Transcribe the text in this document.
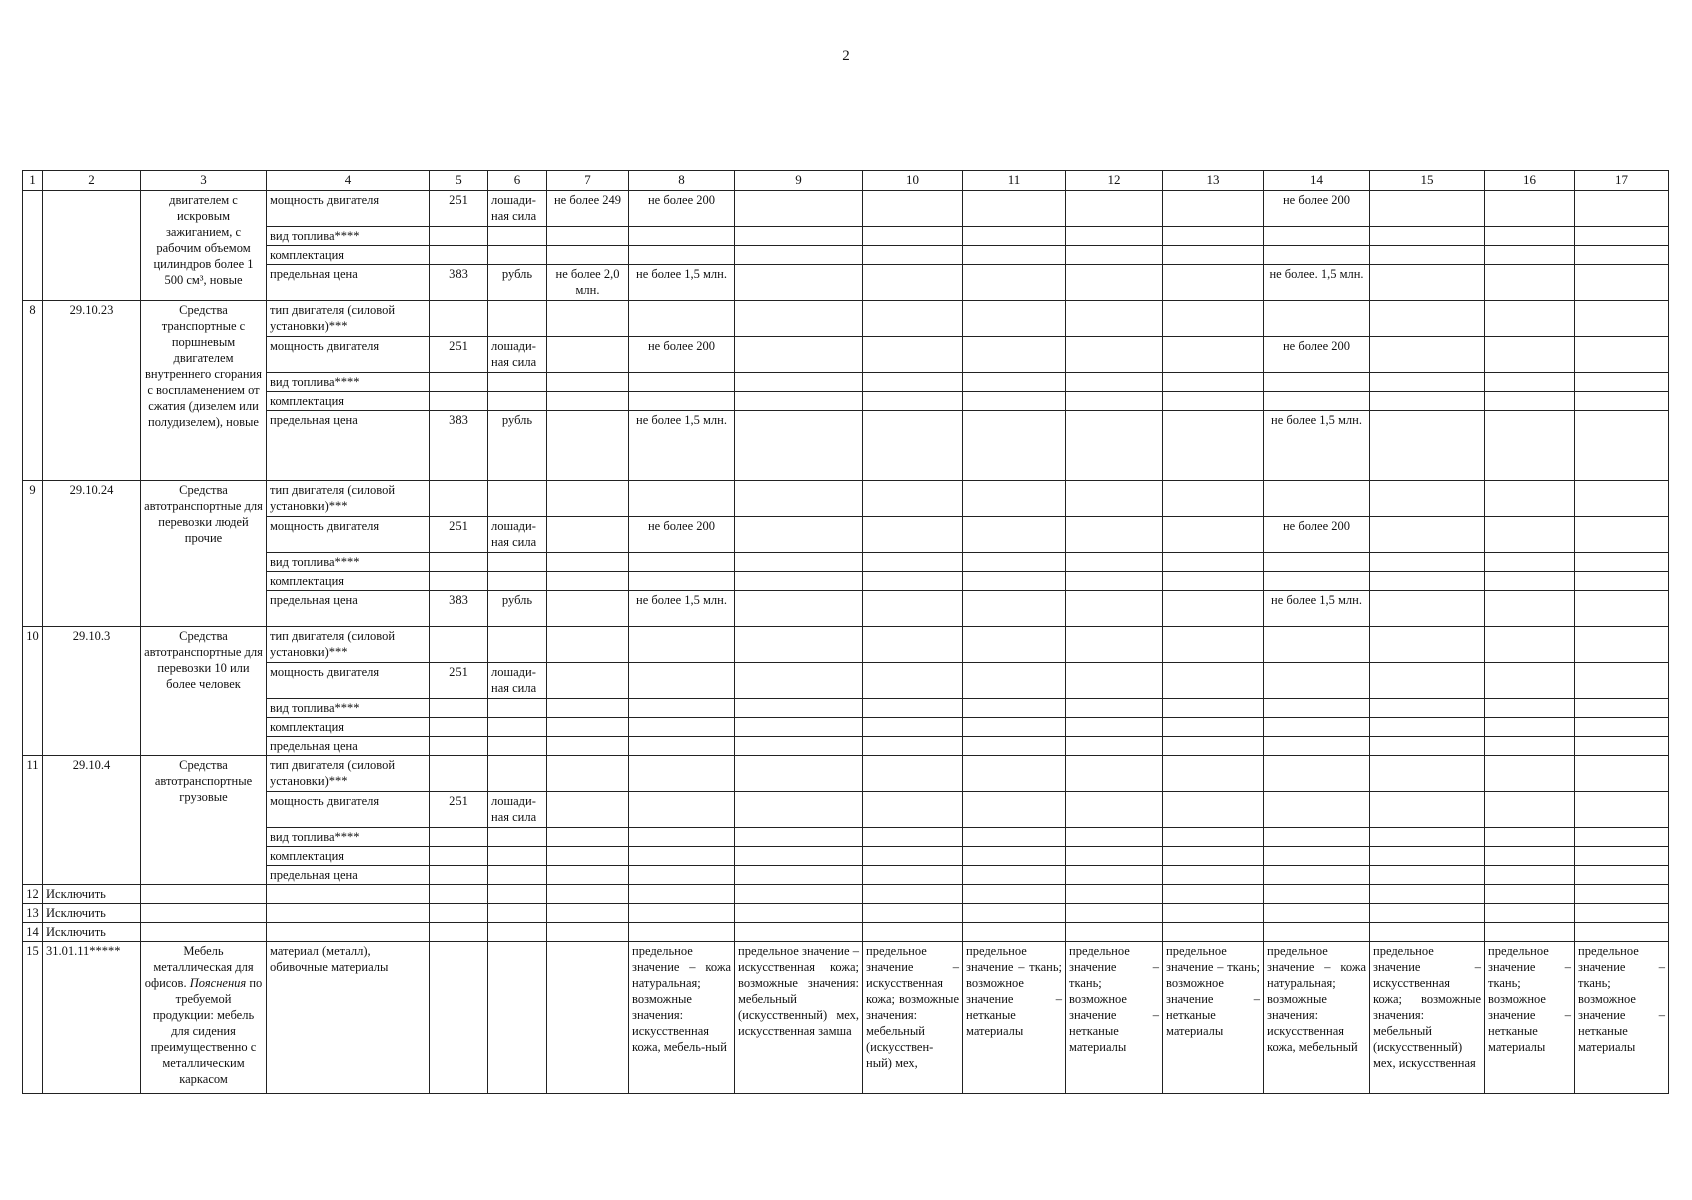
2
1	2	3	4	5	6	7	8	9	10	11	12	13	14	15	16	17
		двигателем с искровым зажиганием, с рабочим объемом цилиндров более 1 500 см³, новые	мощность двигателя	251	лошади-ная сила	не более 249	не более 200						не более 200			
			вид топлива****													
			комплектация													
			предельная цена	383	рубль	не более 2,0 млн.	не более 1,5 млн.						не более. 1,5 млн.			
8	29.10.23	Средства транспортные с поршневым двигателем внутреннего сгорания с воспламенением от сжатия (дизелем или полудизелем), новые	тип двигателя (силовой установки)***													
			мощность двигателя	251	лошади-ная сила		не более 200						не более 200			
			вид топлива****													
			комплектация													
			предельная цена	383	рубль		не более 1,5 млн.						не более 1,5 млн.			
9	29.10.24	Средства автотранспортные для перевозки людей прочие	тип двигателя (силовой установки)***													
			мощность двигателя	251	лошади-ная сила		не более 200						не более 200			
			вид топлива****													
			комплектация													
			предельная цена	383	рубль		не более 1,5 млн.						не более 1,5 млн.			
10	29.10.3	Средства автотранспортные для перевозки 10 или более человек	тип двигателя (силовой установки)***													
			мощность двигателя	251	лошади-ная сила											
			вид топлива****													
			комплектация													
			предельная цена													
11	29.10.4	Средства автотранспортные грузовые	тип двигателя (силовой установки)***													
			мощность двигателя	251	лошади-ная сила											
			вид топлива****													
			комплектация													
			предельная цена													
12	Исключить															
13	Исключить															
14	Исключить															
15	31.01.11*****	Мебель металлическая для офисов. Пояснения по требуемой продукции: мебель для сидения преимущественно с металлическим каркасом	материал (металл), обивочные материалы				предельное значение – кожа натуральная; возможные значения: искусственная кожа, мебель-ный	предельное значение – искусственная кожа; возможные значения: мебельный (искусственный) мех, искусственная замша	предельное значение – искусственная кожа; возможные значения: мебельный (искусствен-ный) мех,	предельное значение – ткань; возможное значение – нетканые материалы	предельное значение – ткань; возможное значение – нетканые материалы	предельное значение – ткань; возможное значение – нетканые материалы	предельное значение – кожа натуральная; возможные значения: искусственная кожа, мебельный	предельное значение – искусственная кожа; возможные значения: мебельный (искусственный) мех, искусственная	предельное значение – ткань; возможное значение – нетканые материалы	предельное значение – ткань; возможное значение – нетканые материалы
